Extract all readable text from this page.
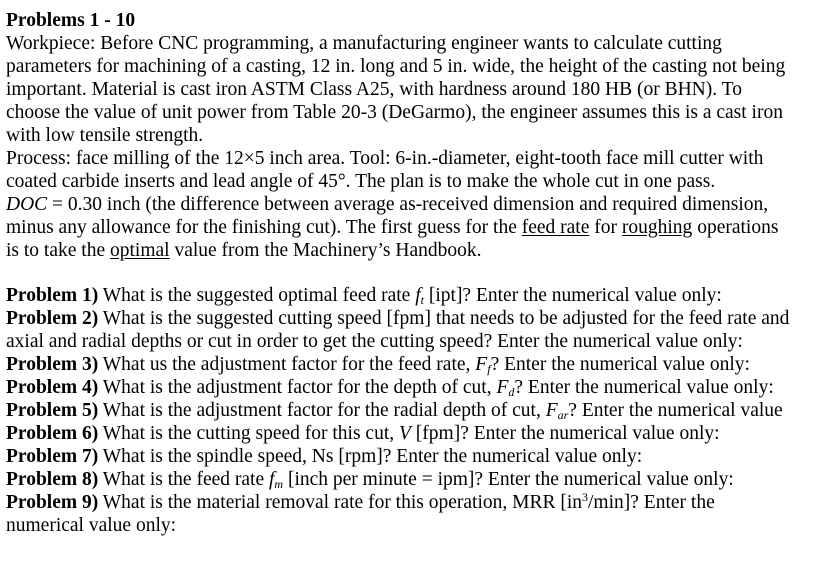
Problems 1 - 10
Workpiece: Before CNC programming, a manufacturing engineer wants to calculate cutting
parameters for machining of a casting, 12 in. long and 5 in. wide, the height of the casting not being
important. Material is cast iron ASTM Class A25, with hardness around 180 HB (or BHN). To
choose the value of unit power from Table 20-3 (DeGarmo), the engineer assumes this is a cast iron
with low tensile strength.
Process: face milling of the 12×5 inch area. Tool: 6-in.-diameter, eight-tooth face mill cutter with
coated carbide inserts and lead angle of 45°. The plan is to make the whole cut in one pass.
DOC = 0.30 inch (the difference between average as-received dimension and required dimension,
minus any allowance for the finishing cut). The first guess for the feed rate for roughing operations
is to take the optimal value from the Machinery’s Handbook.
Problem 1) What is the suggested optimal feed rate $f_t$ [ipt]? Enter the numerical value only:
Problem 2) What is the suggested cutting speed [fpm] that needs to be adjusted for the feed rate and
axial and radial depths or cut in order to get the cutting speed? Enter the numerical value only:
Problem 3) What us the adjustment factor for the feed rate, $F_f$? Enter the numerical value only:
Problem 4) What is the adjustment factor for the depth of cut, $F_d$? Enter the numerical value only:
Problem 5) What is the adjustment factor for the radial depth of cut, $F_{ar}$? Enter the numerical value
Problem 6) What is the cutting speed for this cut, V [fpm]? Enter the numerical value only:
Problem 7) What is the spindle speed, Ns [rpm]? Enter the numerical value only:
Problem 8) What is the feed rate $f_m$ [inch per minute = ipm]? Enter the numerical value only:
Problem 9) What is the material removal rate for this operation, MRR $[in^3/\min]$? Enter the
numerical value only:
